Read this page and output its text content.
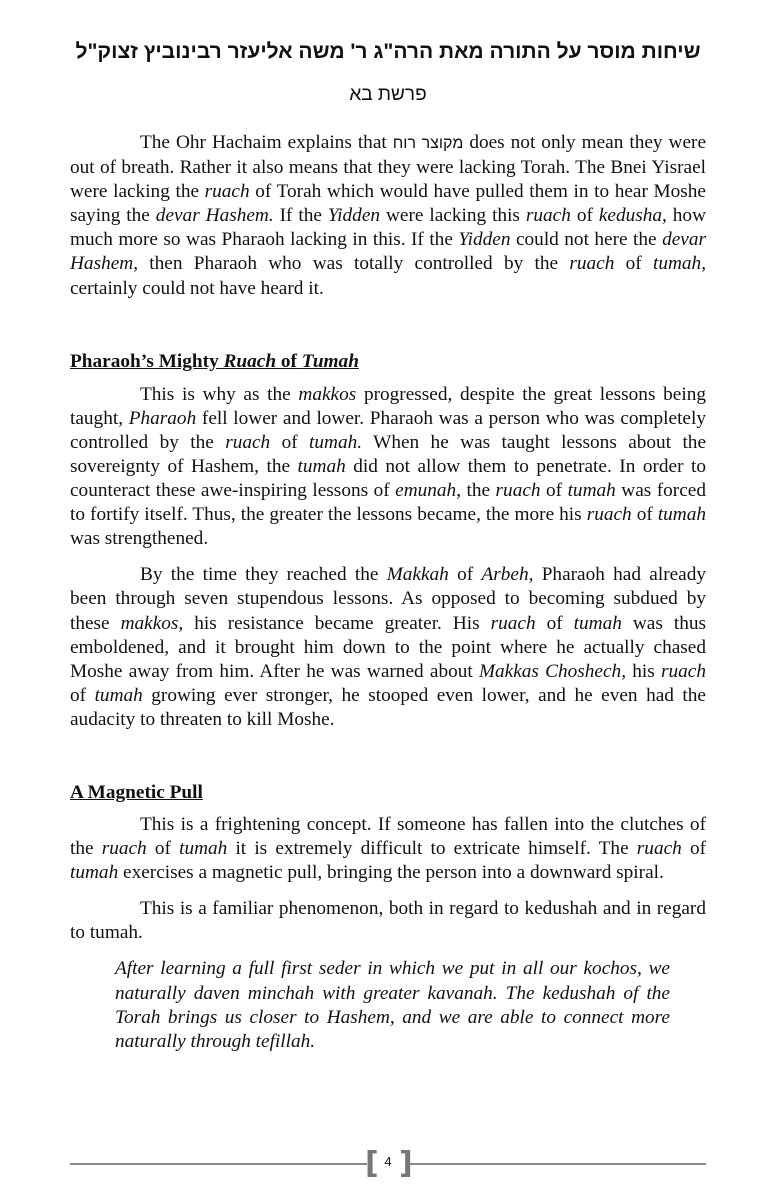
שיחות מוסר על התורה מאת הרה"ג ר' משה אליעזר רבינוביץ זצוק"ל
פרשת בא

The Ohr Hachaim explains that מקוצר רוח does not only mean they were out of breath. Rather it also means that they were lacking Torah. The Bnei Yisrael were lacking the ruach of Torah which would have pulled them in to hear Moshe saying the devar Hashem. If the Yidden were lacking this ruach of kedusha, how much more so was Pharaoh lacking in this. If the Yidden could not here the devar Hashem, then Pharaoh who was totally controlled by the ruach of tumah, certainly could not have heard it.

Pharaoh’s Mighty Ruach of Tumah

This is why as the makkos progressed, despite the great lessons being taught, Pharaoh fell lower and lower. Pharaoh was a person who was completely controlled by the ruach of tumah. When he was taught lessons about the sovereignty of Hashem, the tumah did not allow them to penetrate. In order to counteract these awe-inspiring lessons of emunah, the ruach of tumah was forced to fortify itself. Thus, the greater the lessons became, the more his ruach of tumah was strengthened.

By the time they reached the Makkah of Arbeh, Pharaoh had already been through seven stupendous lessons. As opposed to becoming subdued by these makkos, his resistance became greater. His ruach of tumah was thus emboldened, and it brought him down to the point where he actually chased Moshe away from him. After he was warned about Makkas Choshech, his ruach of tumah growing ever stronger, he stooped even lower, and he even had the audacity to threaten to kill Moshe.

A Magnetic Pull

This is a frightening concept. If someone has fallen into the clutches of the ruach of tumah it is extremely difficult to extricate himself. The ruach of tumah exercises a magnetic pull, bringing the person into a downward spiral.

This is a familiar phenomenon, both in regard to kedushah and in regard to tumah.

After learning a full first seder in which we put in all our kochos, we naturally daven minchah with greater kavanah. The kedushah of the Torah brings us closer to Hashem, and we are able to connect more naturally through tefillah.

[ 4 ]
